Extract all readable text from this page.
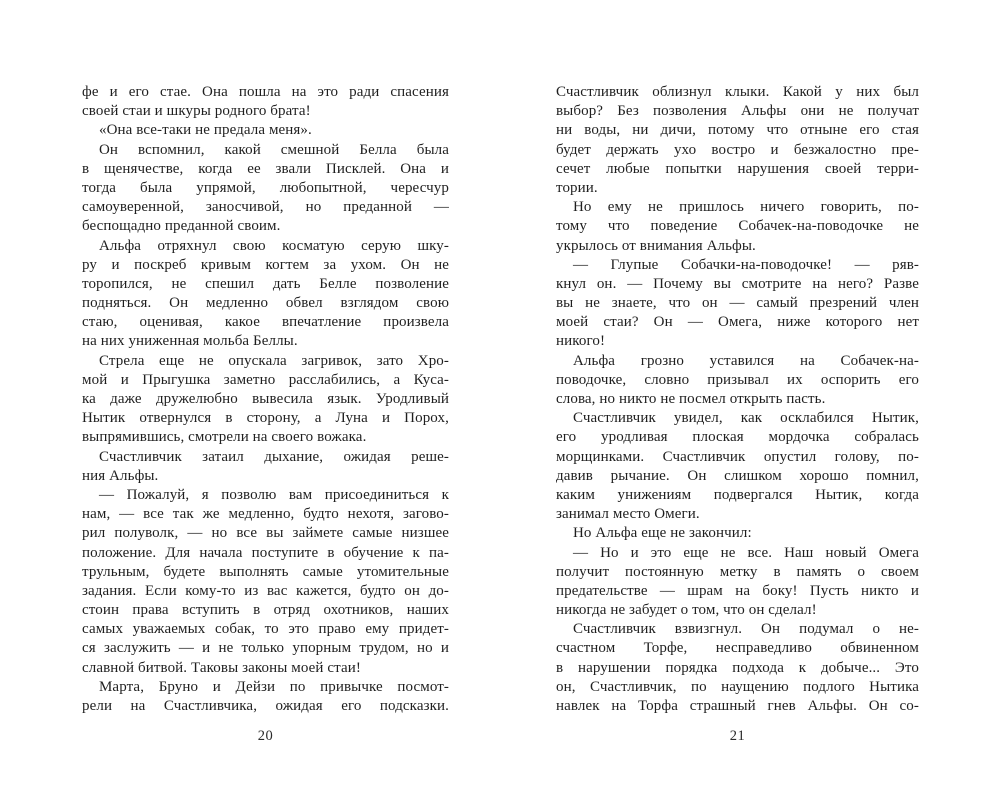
фе и его стае. Она пошла на это ради спасения
своей стаи и шкуры родного брата!
«Она все-таки не предала меня».
Он вспомнил, какой смешной Белла была
в щенячестве, когда ее звали Писклей. Она и
тогда была упрямой, любопытной, чересчур
самоуверенной, заносчивой, но преданной —
беспощадно преданной своим.
Альфа отряхнул свою косматую серую шку-
ру и поскреб кривым когтем за ухом. Он не
торопился, не спешил дать Белле позволение
подняться. Он медленно обвел взглядом свою
стаю, оценивая, какое впечатление произвела
на них униженная мольба Беллы.
Стрела еще не опускала загривок, зато Хро-
мой и Прыгушка заметно расслабились, а Куса-
ка даже дружелюбно вывесила язык. Уродливый
Нытик отвернулся в сторону, а Луна и Порох,
выпрямившись, смотрели на своего вожака.
Счастливчик затаил дыхание, ожидая реше-
ния Альфы.
— Пожалуй, я позволю вам присоединиться к
нам, — все так же медленно, будто нехотя, загово-
рил полуволк, — но все вы займете самые низшее
положение. Для начала поступите в обучение к па-
трульным, будете выполнять самые утомительные
задания. Если кому-то из вас кажется, будто он до-
стоин права вступить в отряд охотников, наших
самых уважаемых собак, то это право ему придет-
ся заслужить — и не только упорным трудом, но и
славной битвой. Таковы законы моей стаи!
Марта, Бруно и Дейзи по привычке посмот-
рели на Счастливчика, ожидая его подсказки.
20
Счастливчик облизнул клыки. Какой у них был
выбор? Без позволения Альфы они не получат
ни воды, ни дичи, потому что отныне его стая
будет держать ухо востро и безжалостно пре-
сечет любые попытки нарушения своей терри-
тории.
Но ему не пришлось ничего говорить, по-
тому что поведение Собачек-на-поводочке не
укрылось от внимания Альфы.
— Глупые Собачки-на-поводочке! — ряв-
кнул он. — Почему вы смотрите на него? Разве
вы не знаете, что он — самый презрений член
моей стаи? Он — Омега, ниже которого нет
никого!
Альфа грозно уставился на Собачек-на-
поводочке, словно призывал их оспорить его
слова, но никто не посмел открыть пасть.
Счастливчик увидел, как осклабился Нытик,
его уродливая плоская мордочка собралась
морщинками. Счастливчик опустил голову, по-
давив рычание. Он слишком хорошо помнил,
каким унижениям подвергался Нытик, когда
занимал место Омеги.
Но Альфа еще не закончил:
— Но и это еще не все. Наш новый Омега
получит постоянную метку в память о своем
предательстве — шрам на боку! Пусть никто и
никогда не забудет о том, что он сделал!
Счастливчик взвизгнул. Он подумал о не-
счастном Торфе, несправедливо обвиненном
в нарушении порядка подхода к добыче... Это
он, Счастливчик, по наущению подлого Нытика
навлек на Торфа страшный гнев Альфы. Он со-
21
